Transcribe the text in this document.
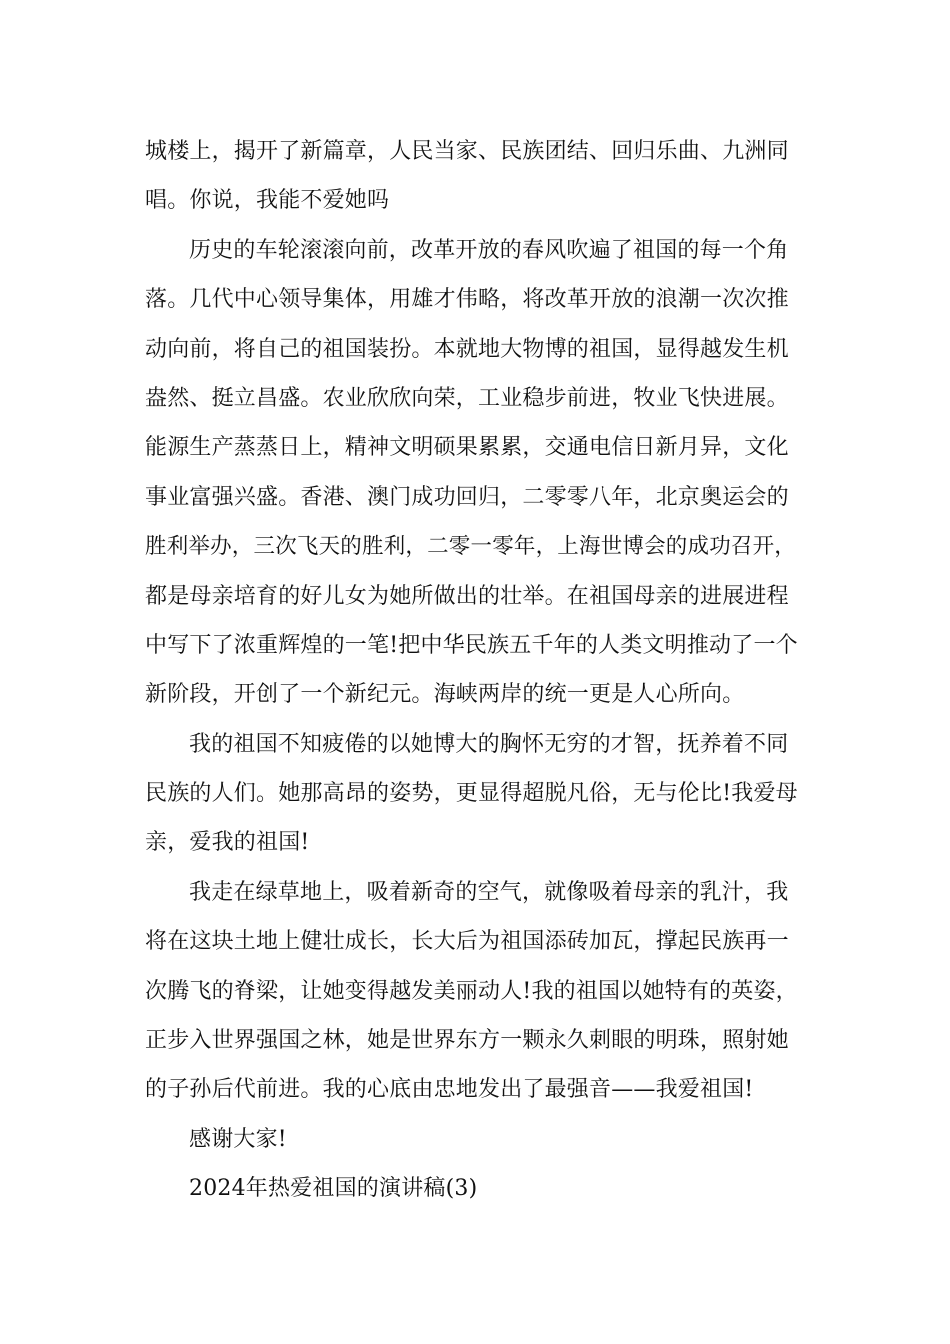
城楼上，揭开了新篇章，人民当家、民族团结、回归乐曲、九洲同
唱。你说，我能不爱她吗
历史的车轮滚滚向前，改革开放的春风吹遍了祖国的每一个角
落。几代中心领导集体，用雄才伟略，将改革开放的浪潮一次次推
动向前，将自己的祖国装扮。本就地大物博的祖国，显得越发生机
盎然、挺立昌盛。农业欣欣向荣，工业稳步前进，牧业飞快进展。
能源生产蒸蒸日上，精神文明硕果累累，交通电信日新月异，文化
事业富强兴盛。香港、澳门成功回归，二零零八年，北京奥运会的
胜利举办，三次飞天的胜利，二零一零年，上海世博会的成功召开，
都是母亲培育的好儿女为她所做出的壮举。在祖国母亲的进展进程
中写下了浓重辉煌的一笔!把中华民族五千年的人类文明推动了一个
新阶段，开创了一个新纪元。海峡两岸的统一更是人心所向。
我的祖国不知疲倦的以她博大的胸怀无穷的才智，抚养着不同
民族的人们。她那高昂的姿势，更显得超脱凡俗，无与伦比!我爱母
亲，爱我的祖国!
我走在绿草地上，吸着新奇的空气，就像吸着母亲的乳汁，我
将在这块土地上健壮成长，长大后为祖国添砖加瓦，撑起民族再一
次腾飞的脊梁，让她变得越发美丽动人!我的祖国以她特有的英姿，
正步入世界强国之林，她是世界东方一颗永久刺眼的明珠，照射她
的子孙后代前进。我的心底由忠地发出了最强音——我爱祖国!
感谢大家!
2024年热爱祖国的演讲稿(3)
